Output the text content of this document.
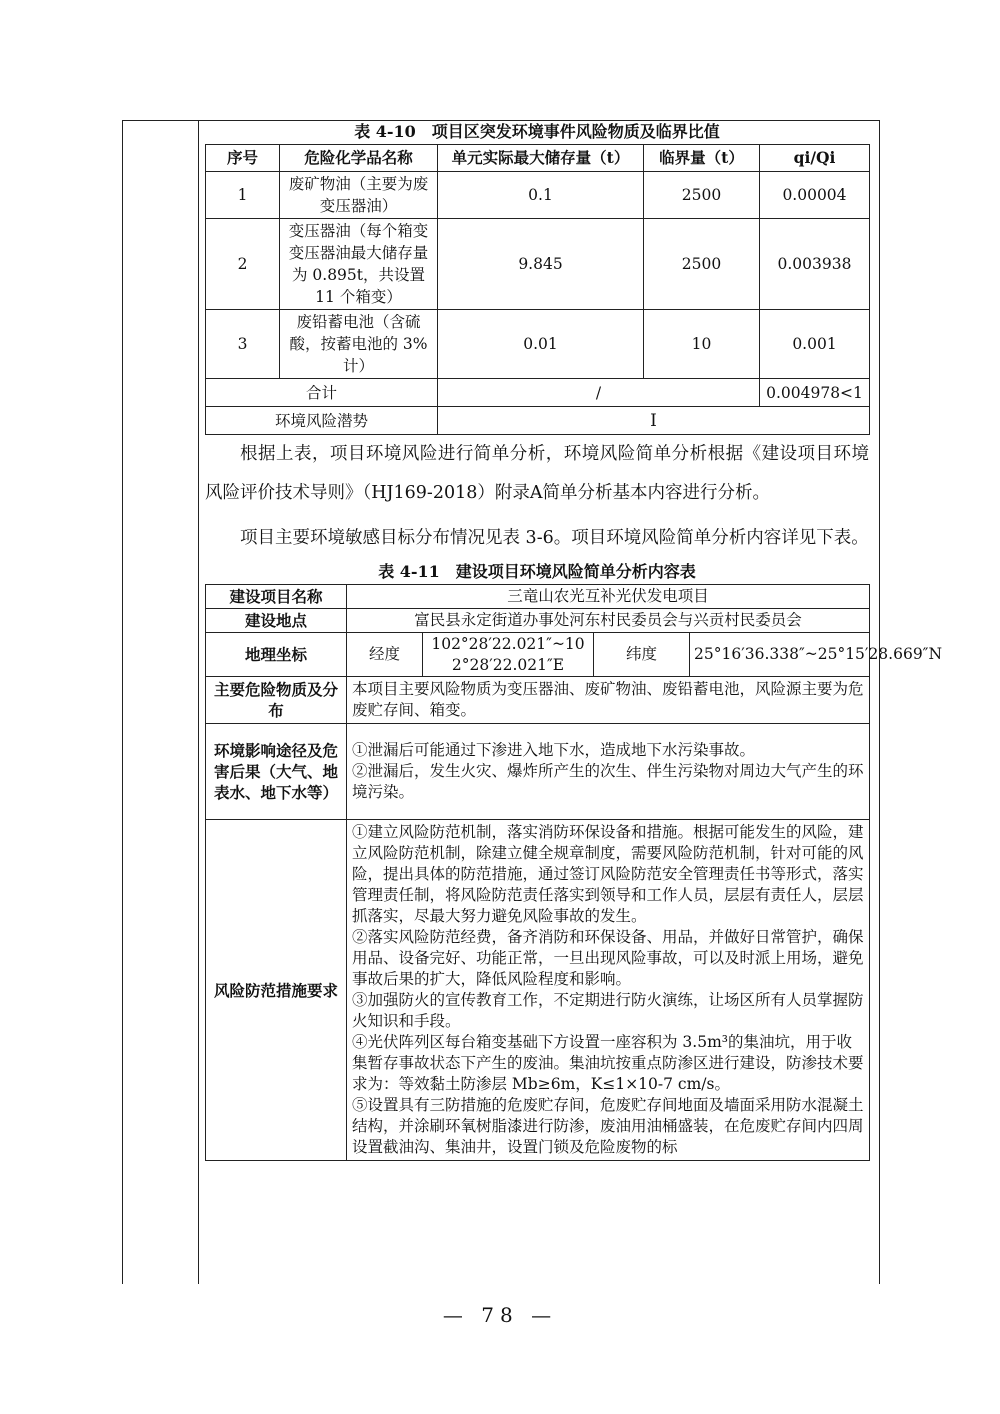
表 4-10　项目区突发环境事件风险物质及临界比值
序号	危险化学品名称	单元实际最大储存量（t）	临界量（t）	qi/Qi
1	废矿物油（主要为废变压器油）	0.1	2500	0.00004
2	变压器油（每个箱变变压器油最大储存量为 0.895t，共设置 11 个箱变）	9.845	2500	0.003938
3	废铅蓄电池（含硫酸，按蓄电池的 3%计）	0.01	10	0.001
合计		/		0.004978<1
环境风险潜势		I		
根据上表，项目环境风险进行简单分析，环境风险简单分析根据《建设项目环境风险评价技术导则》（HJ169-2018）附录A简单分析基本内容进行分析。
项目主要环境敏感目标分布情况见表 3-6。项目环境风险简单分析内容详见下表。
表 4-11　建设项目环境风险简单分析内容表
建设项目名称	三竜山农光互补光伏发电项目			
建设地点	富民县永定街道办事处河东村民委员会与兴贡村民委员会			
地理坐标	经度	102°28′22.021″~102°28′22.021″E	纬度	25°16′36.338″~25°15′28.669″N
主要危险物质及分布	本项目主要风险物质为变压器油、废矿物油、废铅蓄电池，风险源主要为危废贮存间、箱变。			
环境影响途径及危害后果（大气、地表水、地下水等）	①泄漏后可能通过下渗进入地下水，造成地下水污染事故。
②泄漏后，发生火灾、爆炸所产生的次生、伴生污染物对周边大气产生的环境污染。			

风险防范措施要求	①建立风险防范机制，落实消防环保设备和措施。根据可能发生的风险，建立风险防范机制，除建立健全规章制度，需要风险防范机制，针对可能的风险，提出具体的防范措施，通过签订风险防范安全管理责任书等形式，落实管理责任制，将风险防范责任落实到领导和工作人员，层层有责任人，层层抓落实，尽最大努力避免风险事故的发生。
②落实风险防范经费，备齐消防和环保设备、用品，并做好日常管护，确保用品、设备完好、功能正常，一旦出现风险事故，可以及时派上用场，避免事故后果的扩大，降低风险程度和影响。
③加强防火的宣传教育工作，不定期进行防火演练，让场区所有人员掌握防火知识和手段。
④光伏阵列区每台箱变基础下方设置一座容积为 3.5m³的集油坑，用于收集暂存事故状态下产生的废油。集油坑按重点防渗区进行建设，防渗技术要求为：等效黏土防渗层 Mb≥6m，K≤1×10-7 cm/s。
⑤设置具有三防措施的危废贮存间，危废贮存间地面及墙面采用防水混凝土结构，并涂刷环氧树脂漆进行防渗，废油用油桶盛装，在危废贮存间内四周设置截油沟、集油井，设置门锁及危险废物的标			
— 78 —
